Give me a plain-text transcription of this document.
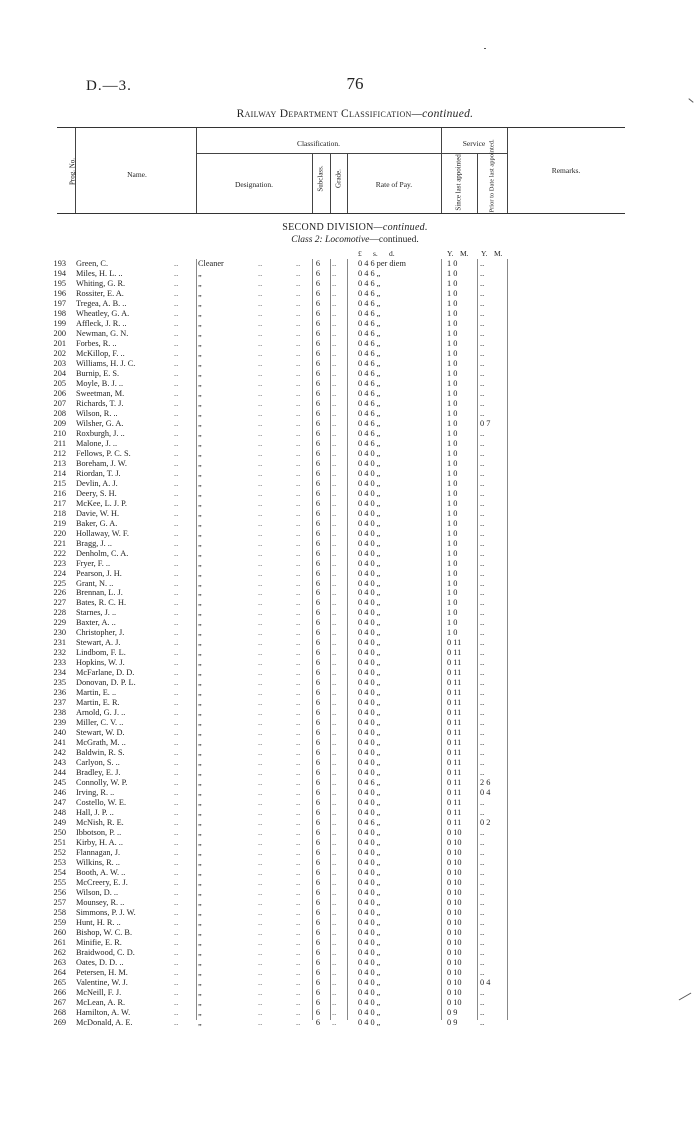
D.—3.	76
Railway Department Classification—continued.
Prog. No.	Name.
Classification.
Designation.	Subclass. Grade.	Rate of Pay.
Service
Since last appointed.	Prior to Date last appointed.	Remarks.
SECOND DIVISION—continued.
Class 2: Locomotive—continued.
£ s. d.	Y. M. Y. M.
193 Green, C.	.. Cleaner	..	..	6	..	0 4 6 per diem	1 0	..
194 Miles, H. L. ..	.. „	..	..	6	..	0 4 6 „	1 0	..
195 Whiting, G. R.	.. „	..	..	6	..	0 4 6 „	1 0	..
196 Rossiter, E. A.	.. „	..	..	6	..	0 4 6 „	1 0	..
197 Tregea, A. B. ..	.. „	..	..	6	..	0 4 6 „	1 0	..
198 Wheatley, G. A.	.. „	..	..	6	..	0 4 6 „	1 0	..
199 Affleck, J. R. ..	.. „	..	..	6	..	0 4 6 „	1 0	..
200 Newman, G. N.	.. „	..	..	6	..	0 4 6 „	1 0	..
201 Forbes, R. ..	.. „	..	..	6	..	0 4 6 „	1 0	..
202 McKillop, F. ..	.. „	..	..	6	..	0 4 6 „	1 0	..
203 Williams, H. J. C.	.. „	..	..	6	..	0 4 6 „	1 0	..
204 Burnip, E. S.	.. „	..	..	6	..	0 4 6 „	1 0	..
205 Moyle, B. J. ..	.. „	..	..	6	..	0 4 6 „	1 0	..
206 Sweetman, M.	.. „	..	..	6	..	0 4 6 „	1 0	..
207 Richards, T. J.	.. „	..	..	6	..	0 4 6 „	1 0	..
208 Wilson, R. ..	.. „	..	..	6	..	0 4 6 „	1 0	..
209 Wilsher, G. A.	.. „	..	..	6	..	0 4 6 „	1 0	0 7
210 Roxburgh, J. ..	.. „	..	..	6	..	0 4 6 „	1 0	..
211 Malone, J. ..	.. „	..	..	6	..	0 4 6 „	1 0	..
212 Fellows, P. C. S.	.. „	..	..	6	..	0 4 0 „	1 0	..
213 Boreham, J. W.	.. „	..	..	6	..	0 4 0 „	1 0	..
214 Riordan, T. J.	.. „	..	..	6	..	0 4 0 „	1 0	..
215 Devlin, A. J.	.. „	..	..	6	..	0 4 0 „	1 0	..
216 Deery, S. H.	.. „	..	..	6	..	0 4 0 „	1 0	..
217 McKee, L. J. P.	.. „	..	..	6	..	0 4 0 „	1 0	..
218 Davie, W. H.	.. „	..	..	6	..	0 4 0 „	1 0	..
219 Baker, G. A.	.. „	..	..	6	..	0 4 0 „	1 0	..
220 Hollaway, W. F.	.. „	..	..	6	..	0 4 0 „	1 0	..
221 Bragg, J. ..	.. „	..	..	6	..	0 4 0 „	1 0	..
222 Denholm, C. A.	.. „	..	..	6	..	0 4 0 „	1 0	..
223 Fryer, F. ..	.. „	..	..	6	..	0 4 0 „	1 0	..
224 Pearson, J. H.	.. „	..	..	6	..	0 4 0 „	1 0	..
225 Grant, N. ..	.. „	..	..	6	..	0 4 0 „	1 0	..
226 Brennan, L. J.	.. „	..	..	6	..	0 4 0 „	1 0	..
227 Bates, R. C. H.	.. „	..	..	6	..	0 4 0 „	1 0	..
228 Starnes, J. ..	.. „	..	..	6	..	0 4 0 „	1 0	..
229 Baxter, A. ..	.. „	..	..	6	..	0 4 0 „	1 0	..
230 Christopher, J.	.. „	..	..	6	..	0 4 0 „	1 0	..
231 Stewart, A. J.	.. „	..	..	6	..	0 4 0 „	0 11	..
232 Lindbom, F. L.	.. „	..	..	6	..	0 4 0 „	0 11	..
233 Hopkins, W. J.	.. „	..	..	6	..	0 4 0 „	0 11	..
234 McFarlane, D. D.	.. „	..	..	6	..	0 4 0 „	0 11	..
235 Donovan, D. P. L.	.. „	..	..	6	..	0 4 0 „	0 11	..
236 Martin, E. ..	.. „	..	..	6	..	0 4 0 „	0 11	..
237 Martin, E. R.	.. „	..	..	6	..	0 4 0 „	0 11	..
238 Arnold, G. J. ..	.. „	..	..	6	..	0 4 0 „	0 11	..
239 Miller, C. V. ..	.. „	..	..	6	..	0 4 0 „	0 11	..
240 Stewart, W. D.	.. „	..	..	6	..	0 4 0 „	0 11	..
241 McGrath, M. ..	.. „	..	..	6	..	0 4 0 „	0 11	..
242 Baldwin, R. S.	.. „	..	..	6	..	0 4 0 „	0 11	..
243 Carlyon, S. ..	.. „	..	..	6	..	0 4 0 „	0 11	..
244 Bradley, E. J.	.. „	..	..	6	..	0 4 0 „	0 11	..
245 Connolly, W. P.	.. „	..	..	6	..	0 4 6 „	0 11	2 6
246 Irving, R. ..	.. „	..	..	6	..	0 4 0 „	0 11	0 4
247 Costello, W. E.	.. „	..	..	6	..	0 4 0 „	0 11	..
248 Hall, J. P. ..	.. „	..	..	6	..	0 4 0 „	0 11	..
249 McNish, R. E.	.. „	..	..	6	..	0 4 6 „	0 11	0 2
250 Ibbotson, P. ..	.. „	..	..	6	..	0 4 0 „	0 10	..
251 Kirby, H. A. ..	.. „	..	..	6	..	0 4 0 „	0 10	..
252 Flannagan, J.	.. „	..	..	6	..	0 4 0 „	0 10	..
253 Wilkins, R. ..	.. „	..	..	6	..	0 4 0 „	0 10	..
254 Booth, A. W. ..	.. „	..	..	6	..	0 4 0 „	0 10	..
255 McCreery, E. J.	.. „	..	..	6	..	0 4 0 „	0 10	..
256 Wilson, D. ..	.. „	..	..	6	..	0 4 0 „	0 10	..
257 Mounsey, R. ..	.. „	..	..	6	..	0 4 0 „	0 10	..
258 Simmons, P. J. W.	.. „	..	..	6	..	0 4 0 „	0 10	..
259 Hunt, H. R. ..	.. „	..	..	6	..	0 4 0 „	0 10	..
260 Bishop, W. C. B.	.. „	..	..	6	..	0 4 0 „	0 10	..
261 Minifie, E. R.	.. „	..	..	6	..	0 4 0 „	0 10	..
262 Braidwood, C. D.	.. „	..	..	6	..	0 4 0 „	0 10	..
263 Oates, D. D. ..	.. „	..	..	6	..	0 4 0 „	0 10	..
264 Petersen, H. M.	.. „	..	..	6	..	0 4 0 „	0 10	..
265 Valentine, W. J.	.. „	..	..	6	..	0 4 0 „	0 10	0 4
266 McNeill, F. J.	.. „	..	..	6	..	0 4 0 „	0 10	..
267 McLean, A. R.	.. „	..	..	6	..	0 4 0 „	0 10	..
268 Hamilton, A. W.	.. „	..	..	6	..	0 4 0 „	0 9	..
269 McDonald, A. E.	.. „	..	..	6	..	0 4 0 „	0 9	..
